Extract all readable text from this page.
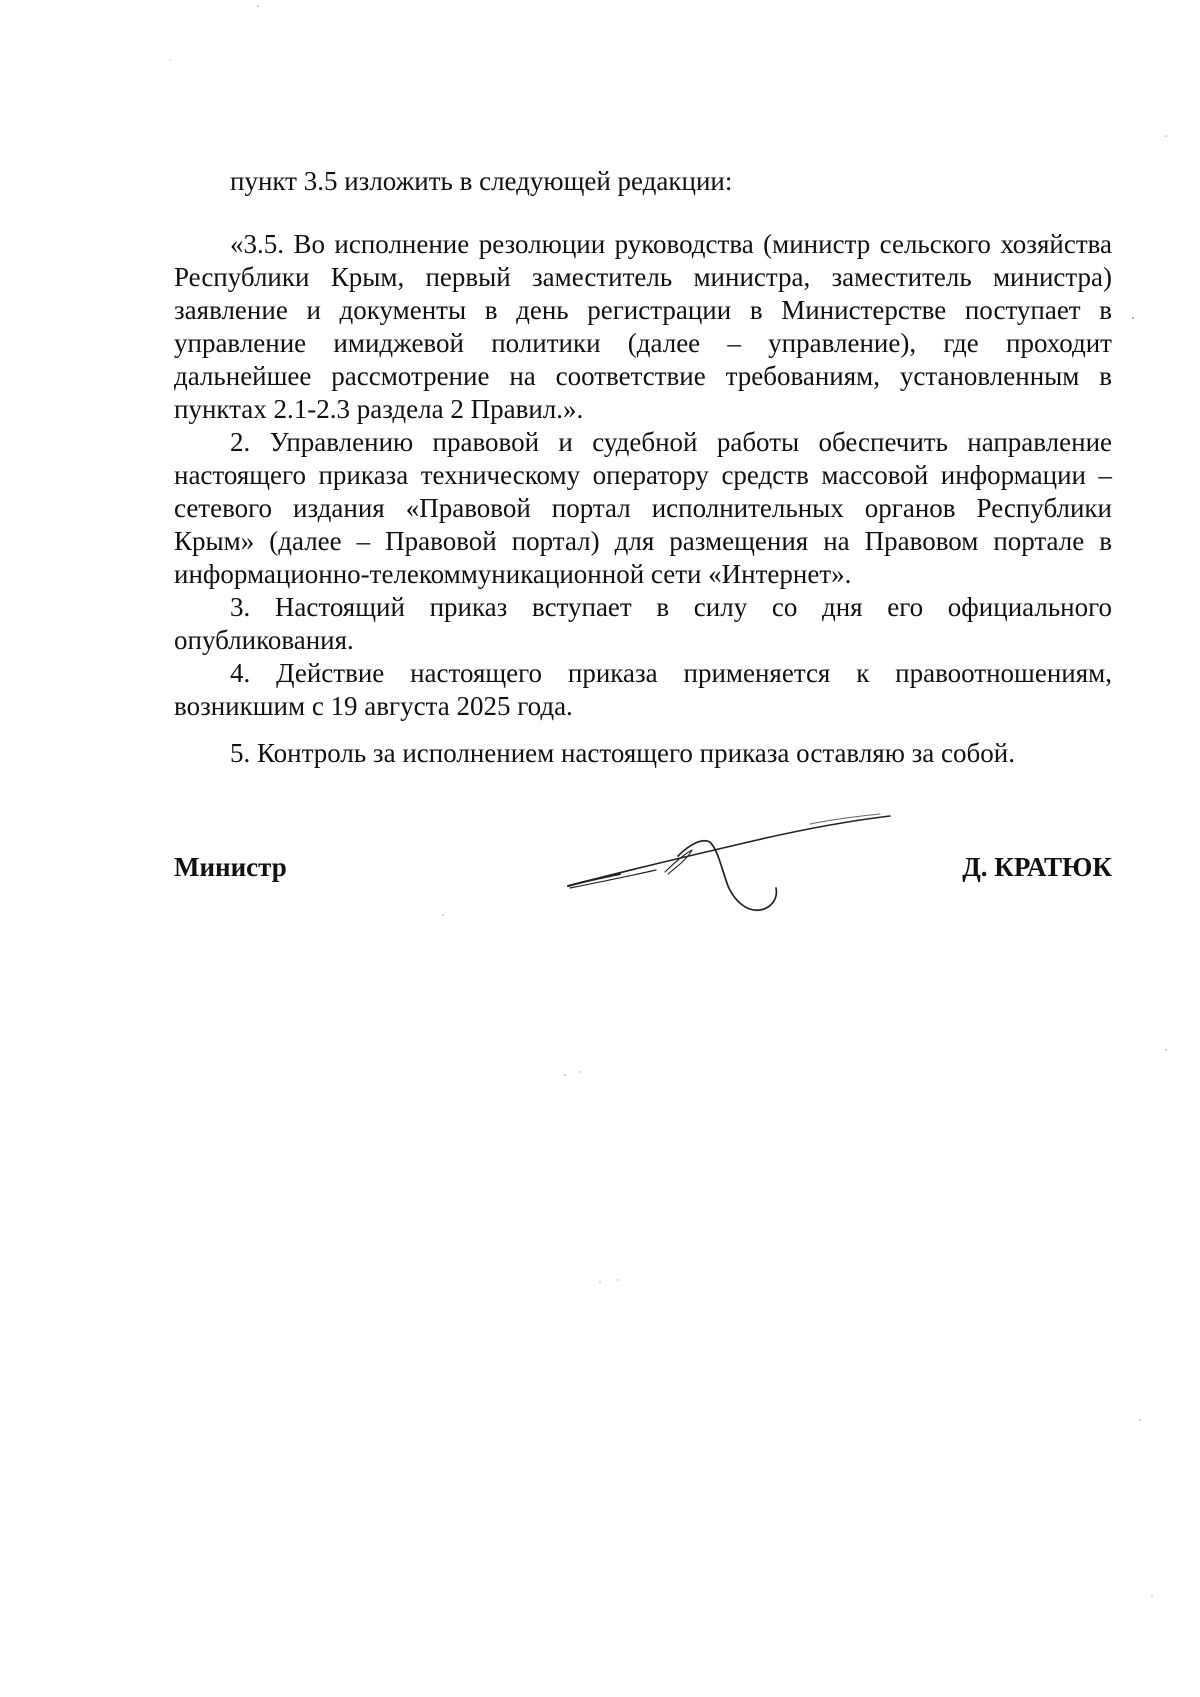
пункт 3.5 изложить в следующей редакции:

«3.5. Во исполнение резолюции руководства (министр сельского хозяйства Республики Крым, первый заместитель министра, заместитель министра) заявление и документы в день регистрации в Министерстве поступает в управление имиджевой политики (далее – управление), где проходит дальнейшее рассмотрение на соответствие требованиям, установленным в пунктах 2.1-2.3 раздела 2 Правил.».

2. Управлению правовой и судебной работы обеспечить направление настоящего приказа техническому оператору средств массовой информации – сетевого издания «Правовой портал исполнительных органов Республики Крым» (далее – Правовой портал) для размещения на Правовом портале в информационно-телекоммуникационной сети «Интернет».

3. Настоящий приказ вступает в силу со дня его официального опубликования.

4. Действие настоящего приказа применяется к правоотношениям, возникшим с 19 августа 2025 года.

5. Контроль за исполнением настоящего приказа оставляю за собой.

Министр	Д. КРАТЮК
